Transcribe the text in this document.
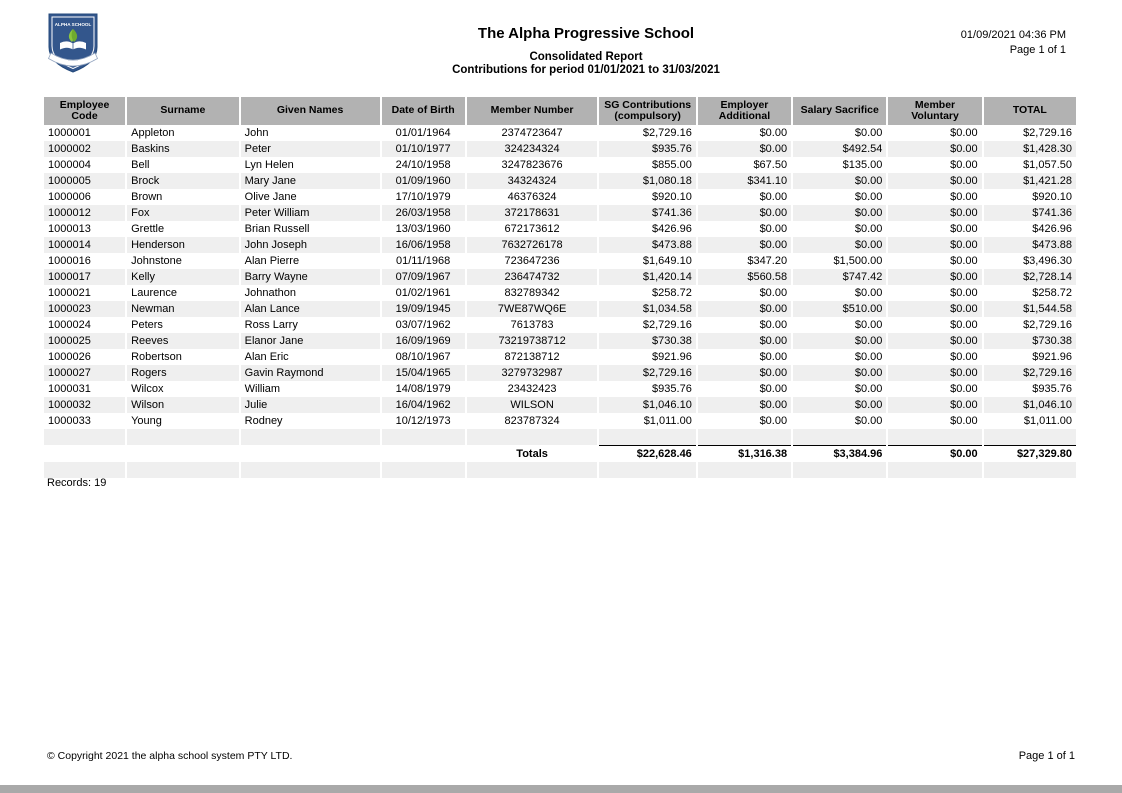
ALPHA SCHOOL
··········
The Alpha Progressive School
Consolidated Report
Contributions for period 01/01/2021 to 31/03/2021
01/09/2021 04:36 PM
Page 1 of 1
Employee Code	Surname	Given Names	Date of Birth	Member Number	SG Contributions (compulsory)	Employer Additional	Salary Sacrifice	Member Voluntary	TOTAL
1000001	Appleton	John	01/01/1964	2374723647	$2,729.16	$0.00	$0.00	$0.00	$2,729.16
1000002	Baskins	Peter	01/10/1977	324234324	$935.76	$0.00	$492.54	$0.00	$1,428.30
1000004	Bell	Lyn Helen	24/10/1958	3247823676	$855.00	$67.50	$135.00	$0.00	$1,057.50
1000005	Brock	Mary Jane	01/09/1960	34324324	$1,080.18	$341.10	$0.00	$0.00	$1,421.28
1000006	Brown	Olive Jane	17/10/1979	46376324	$920.10	$0.00	$0.00	$0.00	$920.10
1000012	Fox	Peter William	26/03/1958	372178631	$741.36	$0.00	$0.00	$0.00	$741.36
1000013	Grettle	Brian Russell	13/03/1960	672173612	$426.96	$0.00	$0.00	$0.00	$426.96
1000014	Henderson	John Joseph	16/06/1958	7632726178	$473.88	$0.00	$0.00	$0.00	$473.88
1000016	Johnstone	Alan Pierre	01/11/1968	723647236	$1,649.10	$347.20	$1,500.00	$0.00	$3,496.30
1000017	Kelly	Barry Wayne	07/09/1967	236474732	$1,420.14	$560.58	$747.42	$0.00	$2,728.14
1000021	Laurence	Johnathon	01/02/1961	832789342	$258.72	$0.00	$0.00	$0.00	$258.72
1000023	Newman	Alan Lance	19/09/1945	7WE87WQ6E	$1,034.58	$0.00	$510.00	$0.00	$1,544.58
1000024	Peters	Ross Larry	03/07/1962	7613783	$2,729.16	$0.00	$0.00	$0.00	$2,729.16
1000025	Reeves	Elanor Jane	16/09/1969	73219738712	$730.38	$0.00	$0.00	$0.00	$730.38
1000026	Robertson	Alan Eric	08/10/1967	872138712	$921.96	$0.00	$0.00	$0.00	$921.96
1000027	Rogers	Gavin Raymond	15/04/1965	3279732987	$2,729.16	$0.00	$0.00	$0.00	$2,729.16
1000031	Wilcox	William	14/08/1979	23432423	$935.76	$0.00	$0.00	$0.00	$935.76
1000032	Wilson	Julie	16/04/1962	WILSON	$1,046.10	$0.00	$0.00	$0.00	$1,046.10
1000033	Young	Rodney	10/12/1973	823787324	$1,011.00	$0.00	$0.00	$0.00	$1,011.00

				Totals	$22,628.46	$1,316.38	$3,384.96	$0.00	$27,329.80

Records: 19
© Copyright 2021 the alpha school system PTY LTD.	Page 1 of 1
